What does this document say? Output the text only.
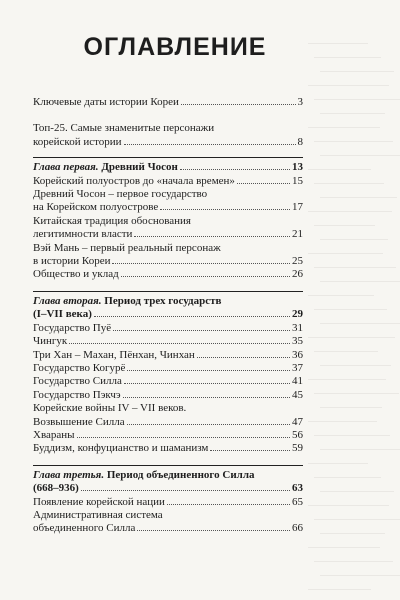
ОГЛАВЛЕНИЕ
Ключевые даты истории Кореи	3
Топ-25. Самые знаменитые персонажи
корейской истории	8
Глава первая. Древний Чосон	13
Корейский полуостров до «начала времен»	15
Древний Чосон – первое государство
на Корейском полуострове	17
Китайская традиция обоснования
легитимности власти	21
Вэй Мань – первый реальный персонаж
в истории Кореи	25
Общество и уклад	26
Глава вторая. Период трех государств
(I–VII века)	29
Государство Пуё	31
Чингук	35
Три Хан – Махан, Пёнхан, Чинхан	36
Государство Когурё	37
Государство Силла	41
Государство Пэкчэ	45
Корейские войны IV – VII веков.
Возвышение Силла	47
Хвараны	56
Буддизм, конфуцианство и шаманизм	59
Глава третья. Период объединенного Силла
(668–936)	63
Появление корейской нации	65
Административная система
объединенного Силла	66
